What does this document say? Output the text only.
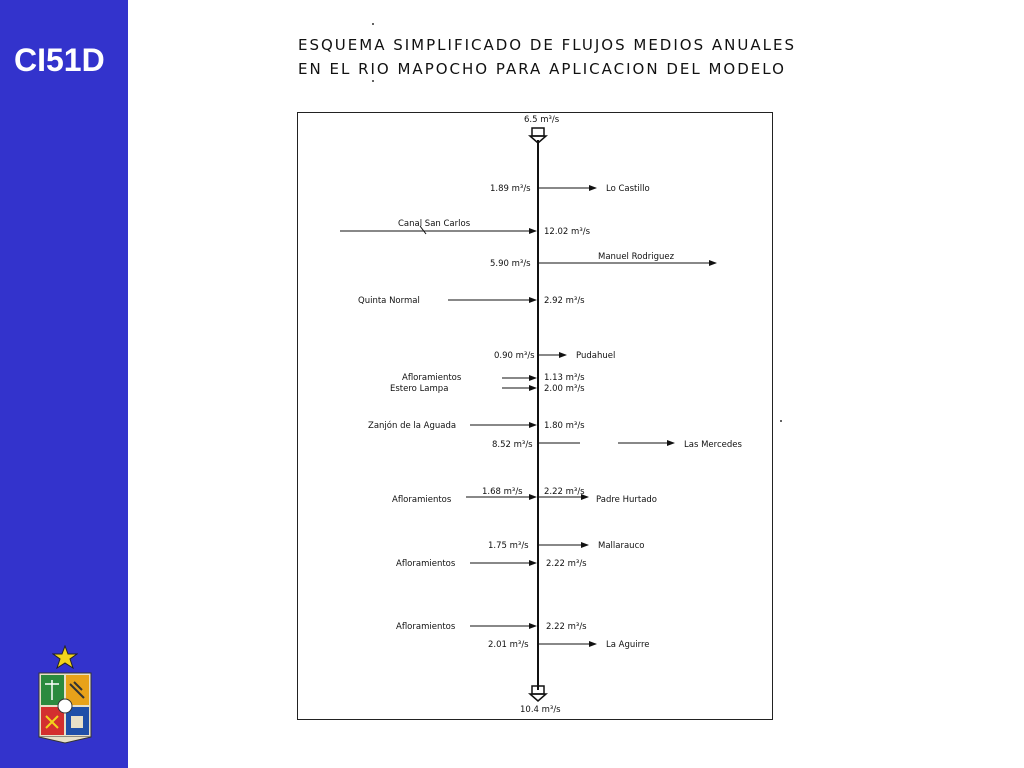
CI51D	ESQUEMA SIMPLIFICADO DE FLUJOS MEDIOS ANUALES
EN EL RIO MAPOCHO PARA APLICACION DEL MODELO
6.5 m³/s
10.4 m³/s
1.89 m³/s	Lo Castillo
Canal San Carlos
12.02 m³/s
5.90 m³/s
Manuel Rodriguez
Quinta Normal	2.92 m³/s
0.90 m³/s	Pudahuel
Afloramientos	1.13 m³/s
Estero Lampa	2.00 m³/s
Zanjón de la Aguada	1.80 m³/s
8.52 m³/s	Las Mercedes
Afloramientos
1.68 m³/s	2.22 m³/s
Padre Hurtado
1.75 m³/s	Mallarauco
Afloramientos	2.22 m³/s
Afloramientos	2.22 m³/s
2.01 m³/s	La Aguirre
